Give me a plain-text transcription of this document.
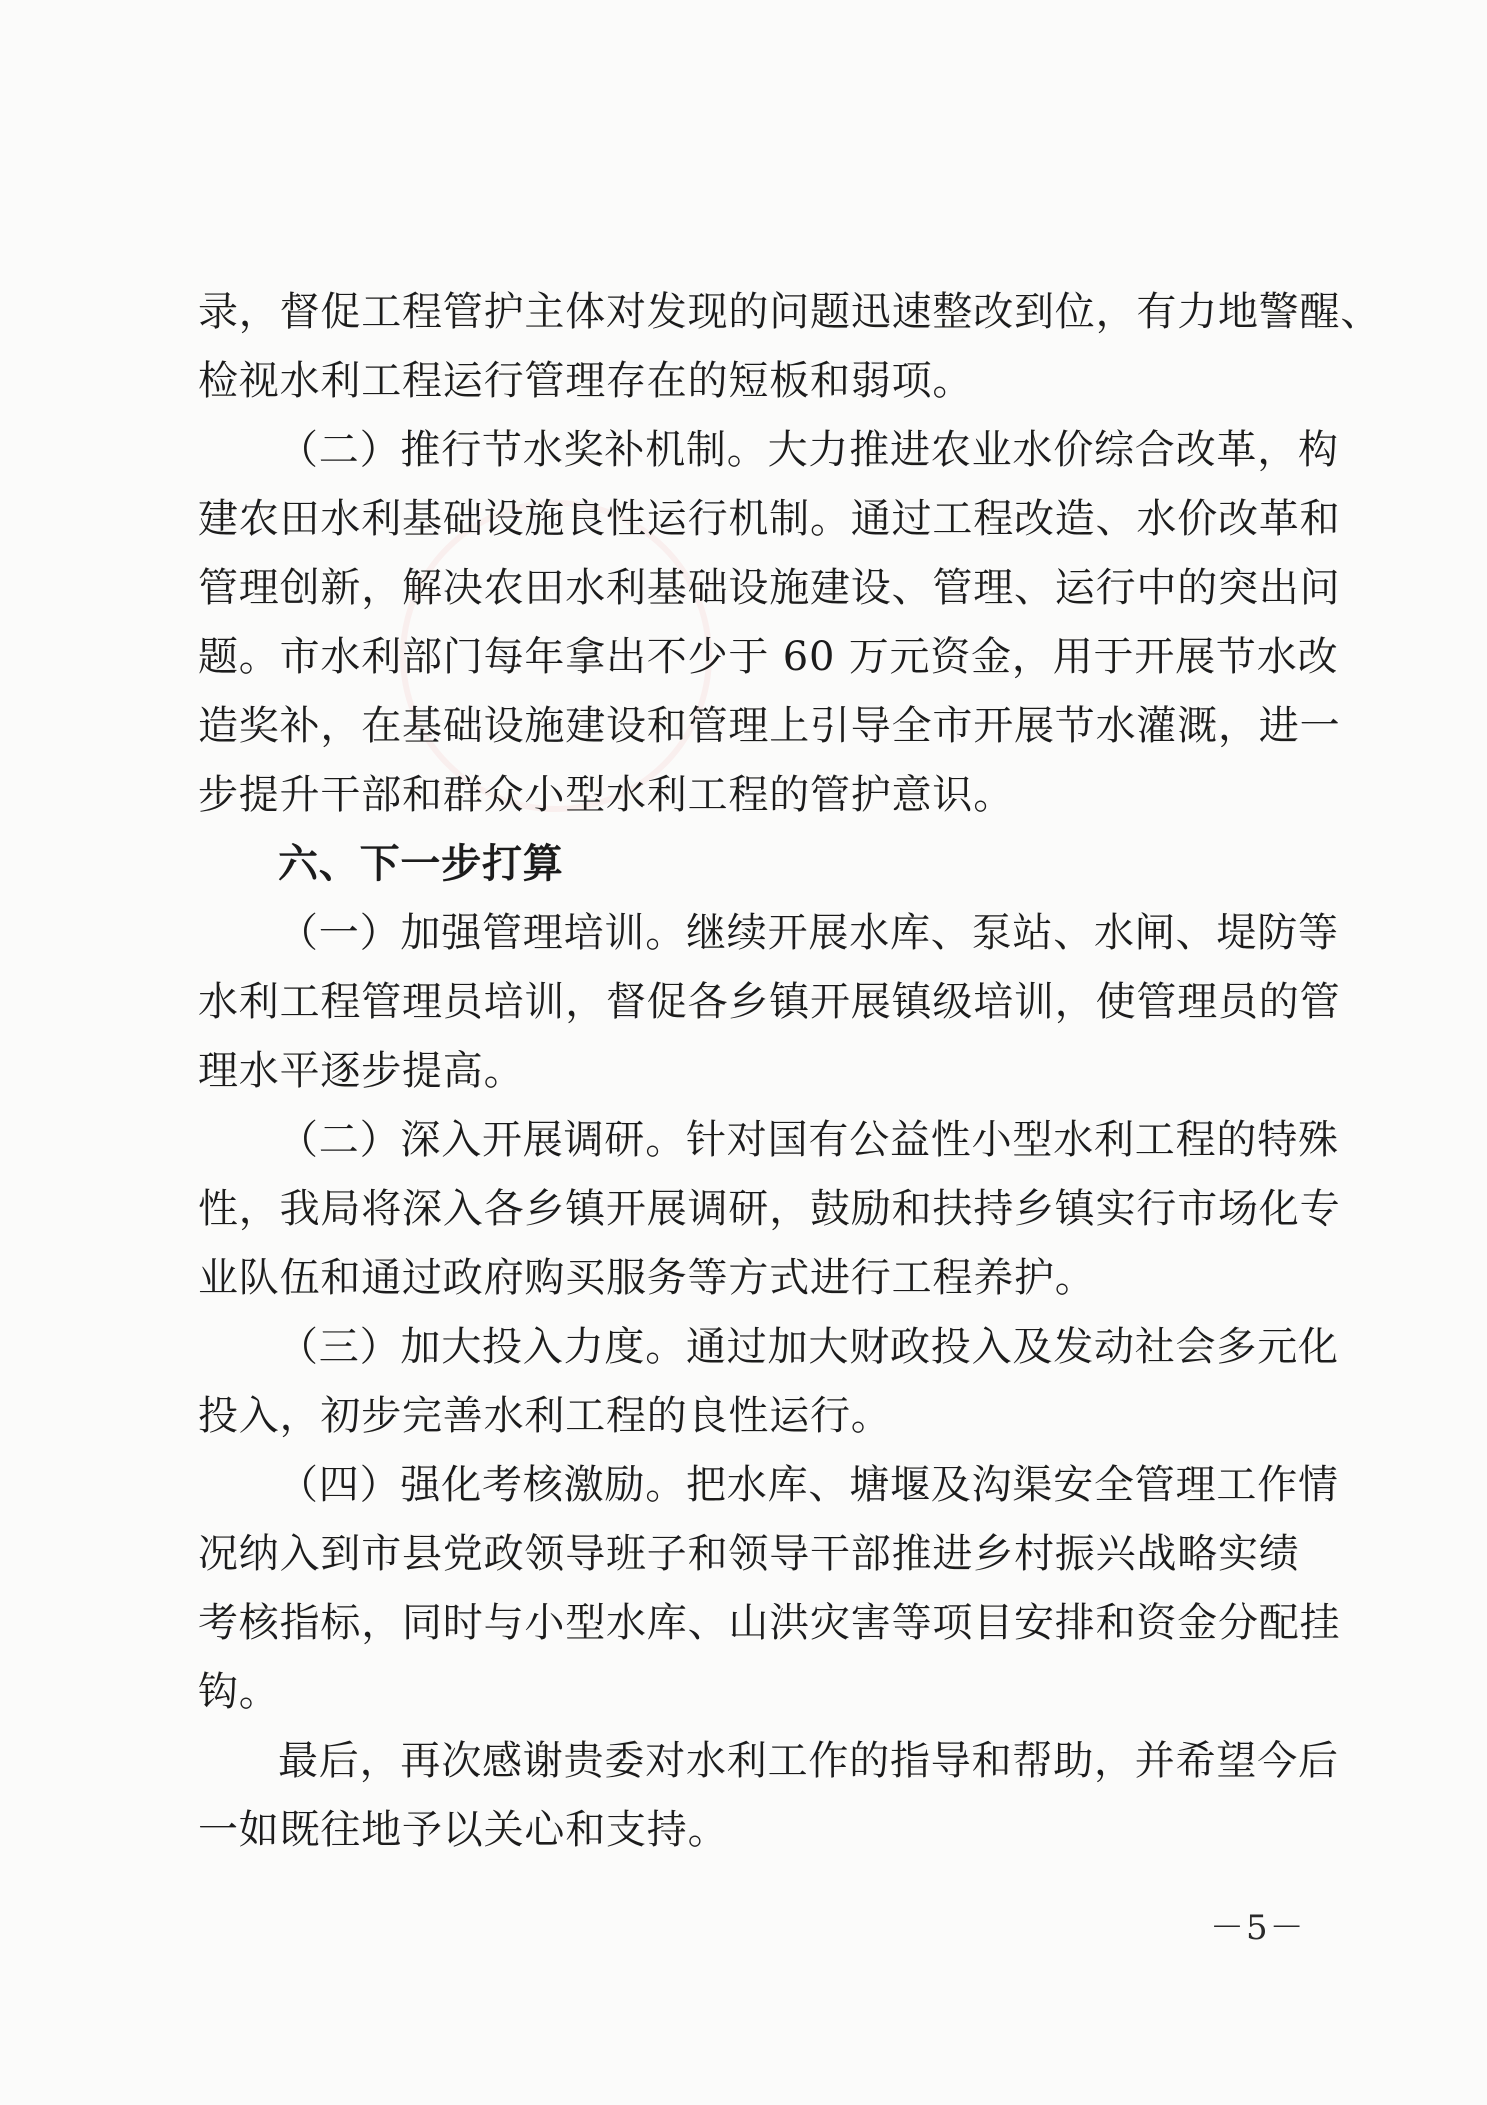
录，督促工程管护主体对发现的问题迅速整改到位，有力地警醒、
检视水利工程运行管理存在的短板和弱项。
（二）推行节水奖补机制。大力推进农业水价综合改革，构
建农田水利基础设施良性运行机制。通过工程改造、水价改革和
管理创新，解决农田水利基础设施建设、管理、运行中的突出问
题。市水利部门每年拿出不少于 60 万元资金，用于开展节水改
造奖补，在基础设施建设和管理上引导全市开展节水灌溉，进一
步提升干部和群众小型水利工程的管护意识。
六、下一步打算
（一）加强管理培训。继续开展水库、泵站、水闸、堤防等
水利工程管理员培训，督促各乡镇开展镇级培训，使管理员的管
理水平逐步提高。
（二）深入开展调研。针对国有公益性小型水利工程的特殊
性，我局将深入各乡镇开展调研，鼓励和扶持乡镇实行市场化专
业队伍和通过政府购买服务等方式进行工程养护。
（三）加大投入力度。通过加大财政投入及发动社会多元化
投入，初步完善水利工程的良性运行。
（四）强化考核激励。把水库、塘堰及沟渠安全管理工作情
况纳入到市县党政领导班子和领导干部推进乡村振兴战略实绩
考核指标，同时与小型水库、山洪灾害等项目安排和资金分配挂
钩。
最后，再次感谢贵委对水利工作的指导和帮助，并希望今后
一如既往地予以关心和支持。
－5－
